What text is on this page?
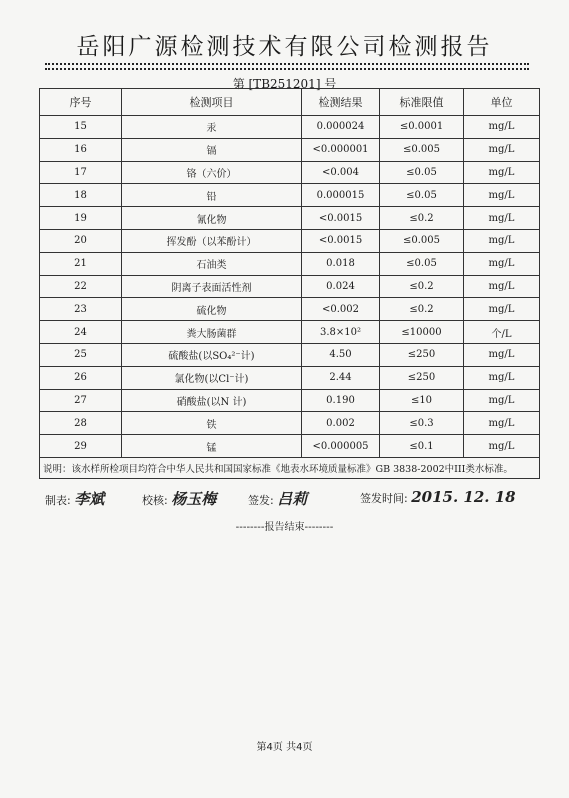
岳阳广源检测技术有限公司检测报告
第 [TB251201] 号
序号	检测项目	检测结果	标准限值	单位
15	汞	0.000024	≤0.0001	mg/L
16	镉	<0.000001	≤0.005	mg/L
17	铬（六价）	<0.004	≤0.05	mg/L
18	铅	0.000015	≤0.05	mg/L
19	氰化物	<0.0015	≤0.2	mg/L
20	挥发酚（以苯酚计）	<0.0015	≤0.005	mg/L
21	石油类	0.018	≤0.05	mg/L
22	阴离子表面活性剂	0.024	≤0.2	mg/L
23	硫化物	<0.002	≤0.2	mg/L
24	粪大肠菌群	3.8×10²	≤10000	个/L
25	硫酸盐(以SO₄²⁻计)	4.50	≤250	mg/L
26	氯化物(以Cl⁻计)	2.44	≤250	mg/L
27	硝酸盐(以N 计)	0.190	≤10	mg/L
28	铁	0.002	≤0.3	mg/L
29	锰	<0.000005	≤0.1	mg/L
说明：该水样所检项目均符合中华人民共和国国家标准《地表水环境质量标准》GB 3838-2002中III类水标准。				
制表: 李斌	校核: 杨玉梅	签发: 吕莉	签发时间: 2015. 12. 18
--------报告结束--------
第4页 共4页
